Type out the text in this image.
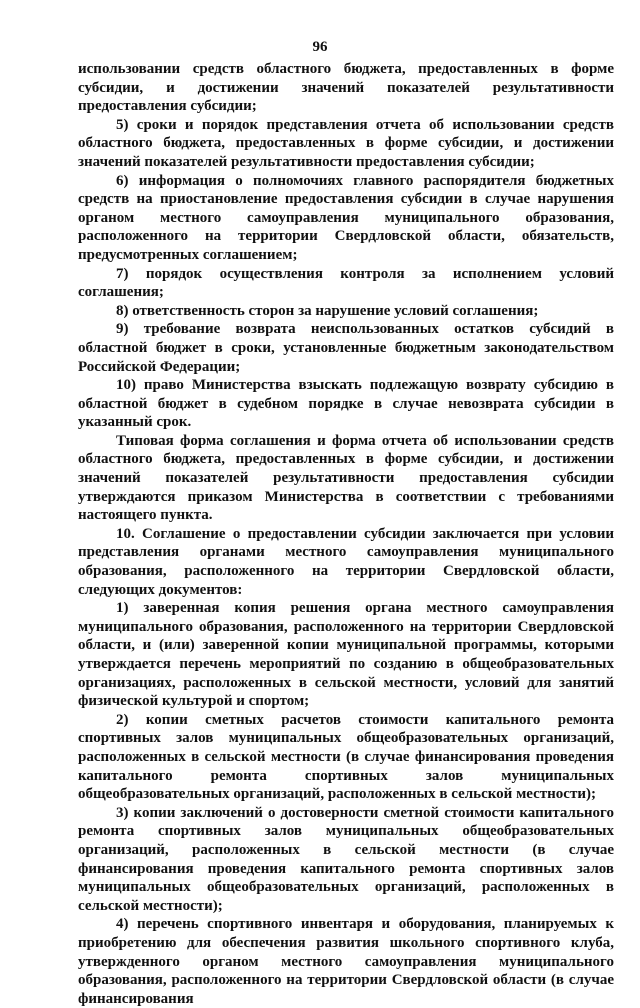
96

использовании средств областного бюджета, предоставленных в форме субсидии, и достижении значений показателей результативности предоставления субсидии;

5) сроки и порядок представления отчета об использовании средств областного бюджета, предоставленных в форме субсидии, и достижении значений показателей результативности предоставления субсидии;

6) информация о полномочиях главного распорядителя бюджетных средств на приостановление предоставления субсидии в случае нарушения органом местного самоуправления муниципального образования, расположенного на территории Свердловской области, обязательств, предусмотренных соглашением;

7) порядок осуществления контроля за исполнением условий соглашения;

8) ответственность сторон за нарушение условий соглашения;

9) требование возврата неиспользованных остатков субсидий в областной бюджет в сроки, установленные бюджетным законодательством Российской Федерации;

10) право Министерства взыскать подлежащую возврату субсидию в областной бюджет в судебном порядке в случае невозврата субсидии в указанный срок.

Типовая форма соглашения и форма отчета об использовании средств областного бюджета, предоставленных в форме субсидии, и достижении значений показателей результативности предоставления субсидии утверждаются приказом Министерства в соответствии с требованиями настоящего пункта.

10. Соглашение о предоставлении субсидии заключается при условии представления органами местного самоуправления муниципального образования, расположенного на территории Свердловской области, следующих документов:

1) заверенная копия решения органа местного самоуправления муниципального образования, расположенного на территории Свердловской области, и (или) заверенной копии муниципальной программы, которыми утверждается перечень мероприятий по созданию в общеобразовательных организациях, расположенных в сельской местности, условий для занятий физической культурой и спортом;

2) копии сметных расчетов стоимости капитального ремонта спортивных залов муниципальных общеобразовательных организаций, расположенных в сельской местности (в случае финансирования проведения капитального ремонта спортивных залов муниципальных общеобразовательных организаций, расположенных в сельской местности);

3) копии заключений о достоверности сметной стоимости капитального ремонта спортивных залов муниципальных общеобразовательных организаций, расположенных в сельской местности (в случае финансирования проведения капитального ремонта спортивных залов муниципальных общеобразовательных организаций, расположенных в сельской местности);

4) перечень спортивного инвентаря и оборудования, планируемых к приобретению для обеспечения развития школьного спортивного клуба, утвержденного органом местного самоуправления муниципального образования, расположенного на территории Свердловской области (в случае финансирования
